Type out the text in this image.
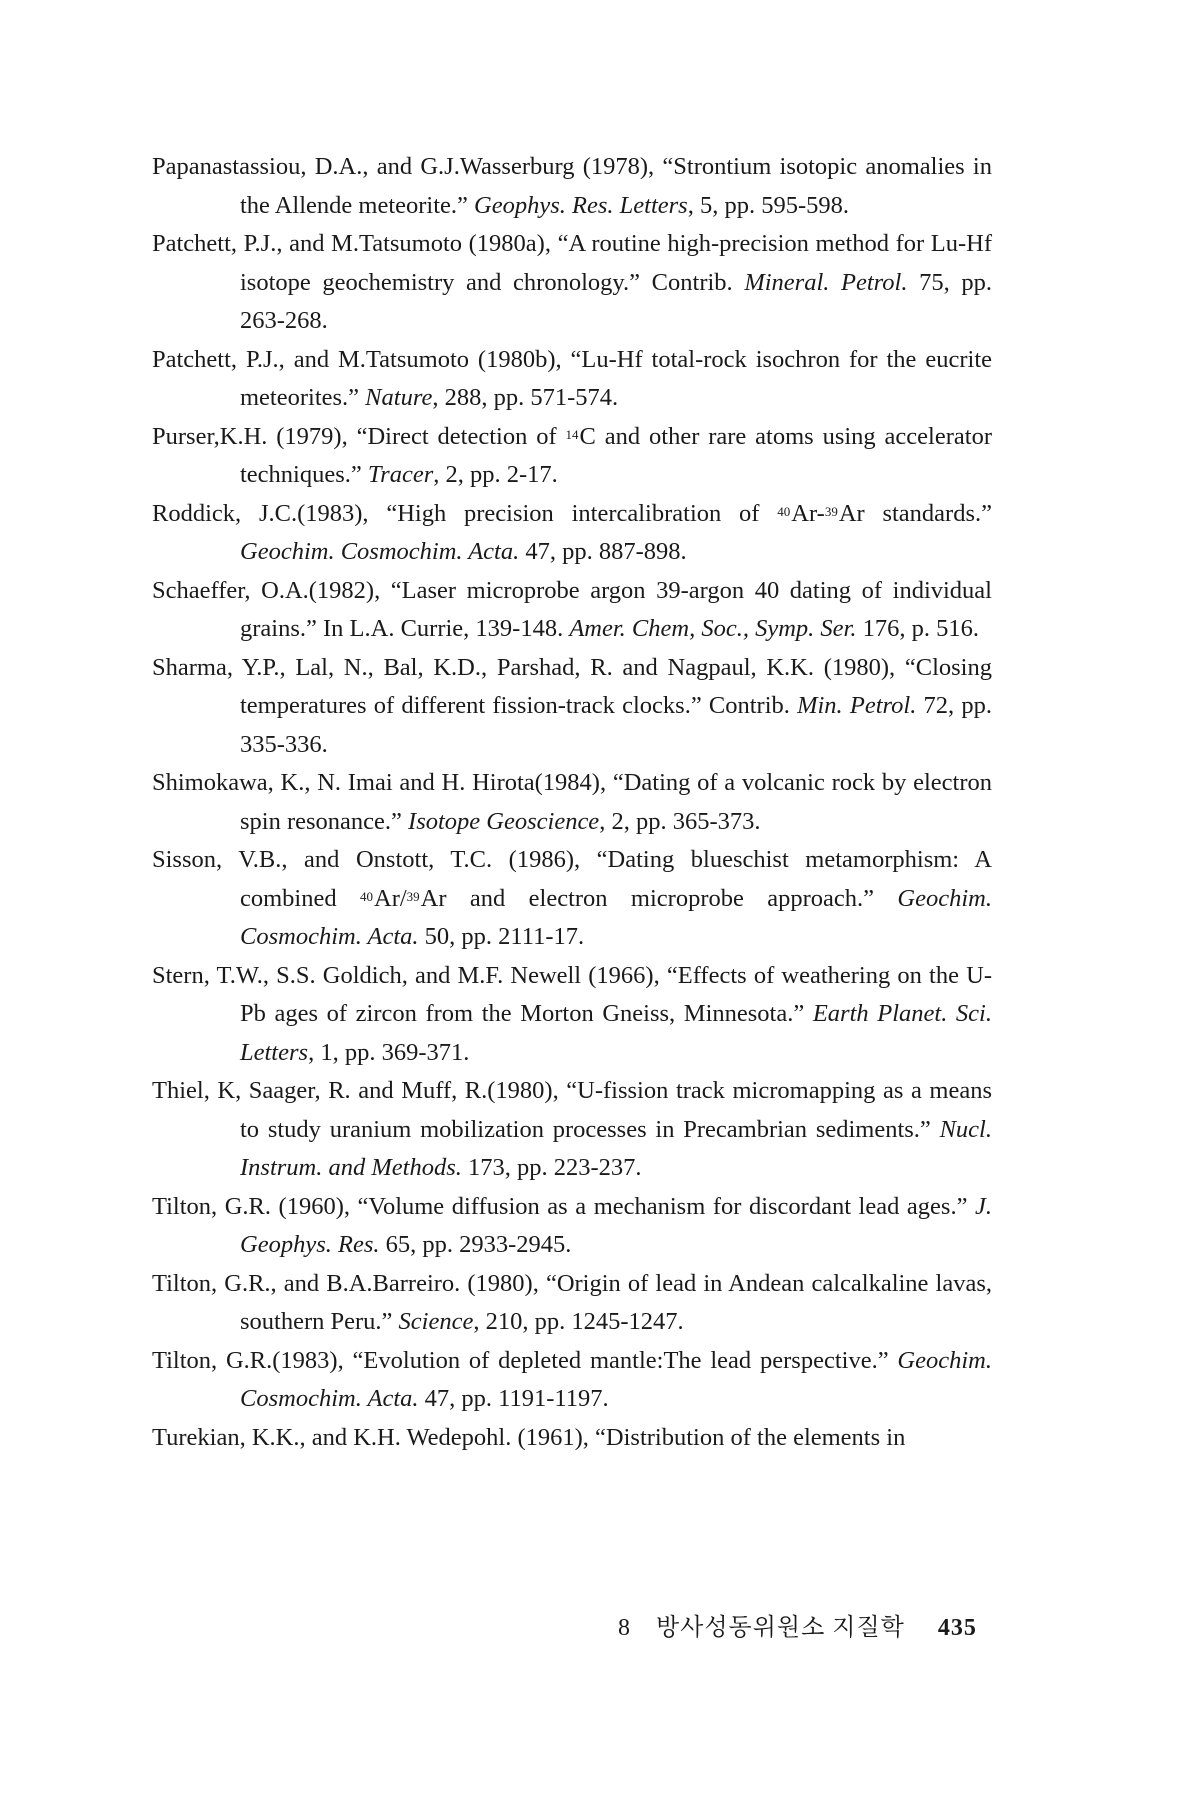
Papanastassiou, D.A., and G.J.Wasserburg (1978), “Strontium isotopic anomalies in the Allende meteorite.” Geophys. Res. Letters, 5, pp. 595-598.

Patchett, P.J., and M.Tatsumoto (1980a), “A routine high-precision method for Lu-Hf isotope geochemistry and chronology.” Contrib. Mineral. Petrol. 75, pp. 263-268.

Patchett, P.J., and M.Tatsumoto (1980b), “Lu-Hf total-rock isochron for the eucrite meteorites.” Nature, 288, pp. 571-574.

Purser,K.H. (1979), “Direct detection of $^{14}$C and other rare atoms using accelerator techniques.” Tracer, 2, pp. 2-17.

Roddick, J.C.(1983), “High precision intercalibration of $^{40}$Ar-$^{39}$Ar standards.” Geochim. Cosmochim. Acta. 47, pp. 887-898.

Schaeffer, O.A.(1982), “Laser microprobe argon 39-argon 40 dating of individual grains.” In L.A. Currie, 139-148. Amer. Chem, Soc., Symp. Ser. 176, p. 516.

Sharma, Y.P., Lal, N., Bal, K.D., Parshad, R. and Nagpaul, K.K. (1980), “Closing temperatures of different fission-track clocks.” Contrib. Min. Petrol. 72, pp. 335-336.

Shimokawa, K., N. Imai and H. Hirota(1984), “Dating of a volcanic rock by electron spin resonance.” Isotope Geoscience, 2, pp. 365-373.

Sisson, V.B., and Onstott, T.C. (1986), “Dating blueschist metamorphism: A combined $^{40}$Ar/$^{39}$Ar and electron microprobe approach.” Geochim. Cosmochim. Acta. 50, pp. 2111-17.

Stern, T.W., S.S. Goldich, and M.F. Newell (1966), “Effects of weathering on the U-Pb ages of zircon from the Morton Gneiss, Minnesota.” Earth Planet. Sci. Letters, 1, pp. 369-371.

Thiel, K, Saager, R. and Muff, R.(1980), “U-fission track micromapping as a means to study uranium mobilization processes in Precambrian sediments.” Nucl. Instrum. and Methods. 173, pp. 223-237.

Tilton, G.R. (1960), “Volume diffusion as a mechanism for discordant lead ages.” J. Geophys. Res. 65, pp. 2933-2945.

Tilton, G.R., and B.A.Barreiro. (1980), “Origin of lead in Andean calcalkaline lavas, southern Peru.” Science, 210, pp. 1245-1247.

Tilton, G.R.(1983), “Evolution of depleted mantle:The lead perspective.” Geochim. Cosmochim. Acta. 47, pp. 1191-1197.

Turekian, K.K., and K.H. Wedepohl. (1961), “Distribution of the elements in

8 방사성동위원소 지질학 435
